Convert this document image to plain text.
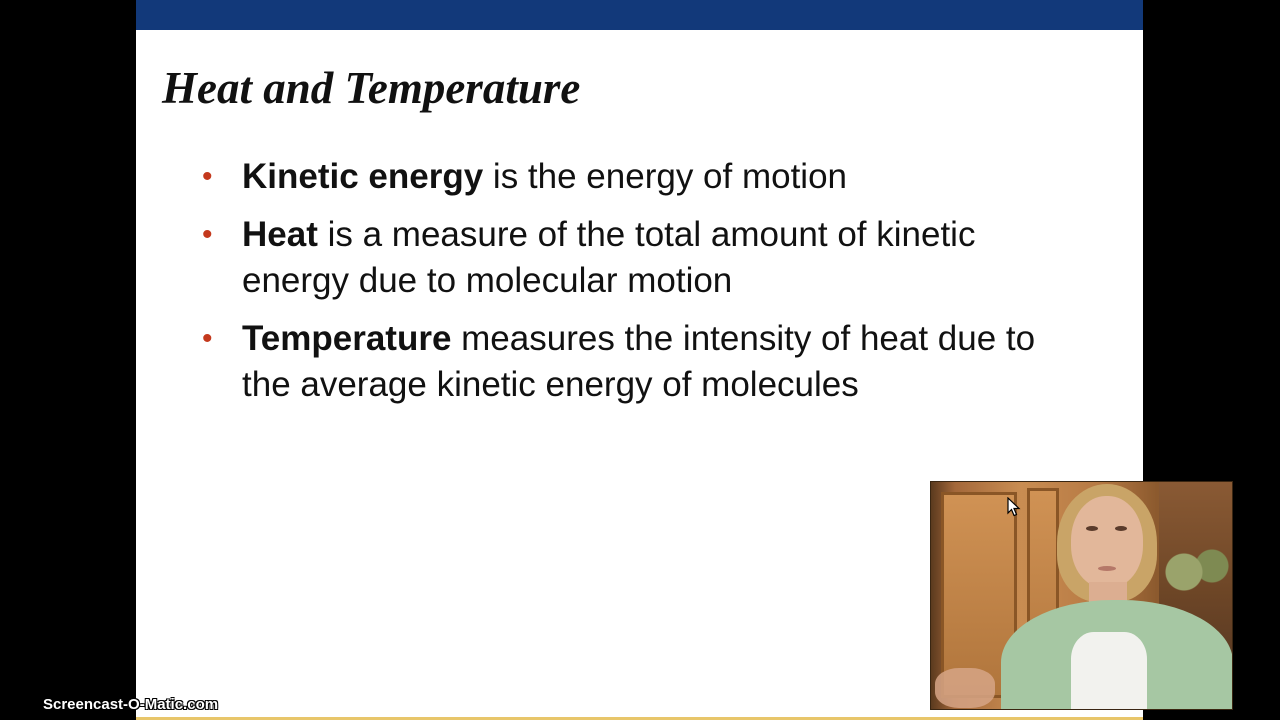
Heat and Temperature
• Kinetic energy is the energy of motion
• Heat is a measure of the total amount of kinetic energy due to molecular motion
• Temperature measures the intensity of heat due to the average kinetic energy of molecules
Screencast-O-Matic.com
